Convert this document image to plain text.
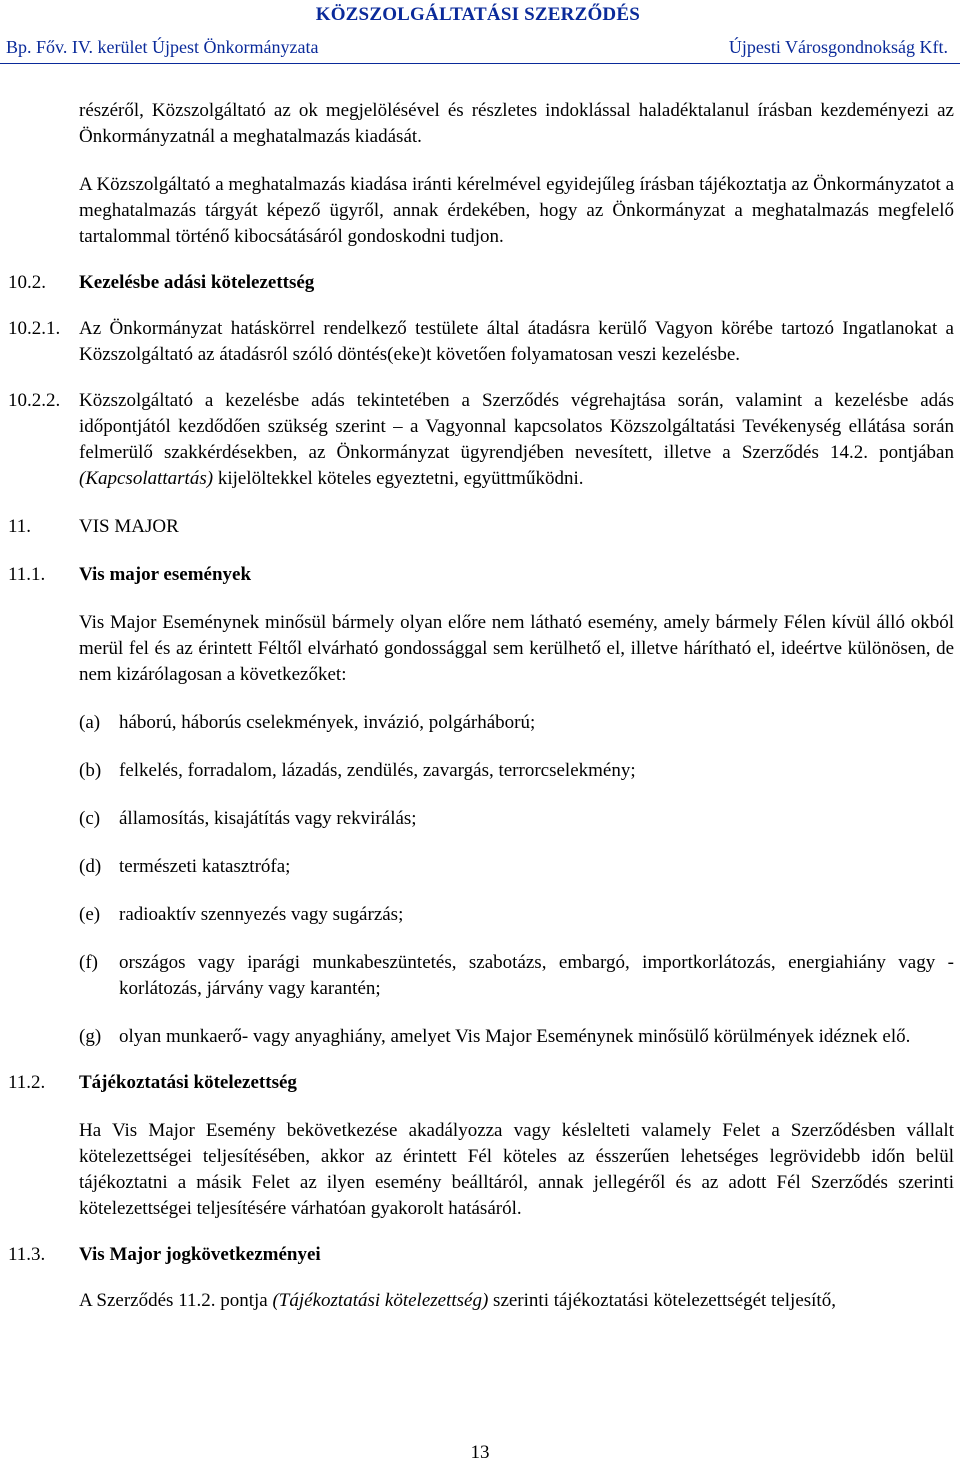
KÖZSZOLGÁLTATÁSI SZERZŐDÉS
Bp. Főv. IV. kerület Újpest Önkormányzata	Újpesti Városgondnokság Kft.

részéről, Közszolgáltató az ok megjelölésével és részletes indoklással haladéktalanul írásban kezdeményezi az Önkormányzatnál a meghatalmazás kiadását.

A Közszolgáltató a meghatalmazás kiadása iránti kérelmével egyidejűleg írásban tájékoztatja az Önkormányzatot a meghatalmazás tárgyát képező ügyről, annak érdekében, hogy az Önkormányzat a meghatalmazás megfelelő tartalommal történő kibocsátásáról gondoskodni tudjon.

10.2. Kezelésbe adási kötelezettség
10.2.1. Az Önkormányzat hatáskörrel rendelkező testülete által átadásra kerülő Vagyon körébe tartozó Ingatlanokat a Közszolgáltató az átadásról szóló döntés(eke)t követően folyamatosan veszi kezelésbe.

10.2.2. Közszolgáltató a kezelésbe adás tekintetében a Szerződés végrehajtása során, valamint a kezelésbe adás időpontjától kezdődően szükség szerint – a Vagyonnal kapcsolatos Közszolgáltatási Tevékenység ellátása során felmerülő szakkérdésekben, az Önkormányzat ügyrendjében nevesített, illetve a Szerződés 14.2. pontjában (Kapcsolattartás) kijelöltekkel köteles egyeztetni, együttműködni.

11.	VIS MAJOR
11.1. Vis major események

Vis Major Eseménynek minősül bármely olyan előre nem látható esemény, amely bármely Félen kívül álló okból merül fel és az érintett Féltől elvárható gondossággal sem kerülhető el, illetve hárítható el, ideértve különösen, de nem kizárólagosan a következőket:

(a) háború, háborús cselekmények, invázió, polgárháború;
(b) felkelés, forradalom, lázadás, zendülés, zavargás, terrorcselekmény;
(c) államosítás, kisajátítás vagy rekvirálás;
(d) természeti katasztrófa;
(e) radioaktív szennyezés vagy sugárzás;
(f) országos vagy iparági munkabeszüntetés, szabotázs, embargó, importkorlátozás, energiahiány vagy -korlátozás, járvány vagy karantén;
(g) olyan munkaerő- vagy anyaghiány, amelyet Vis Major Eseménynek minősülő körülmények idéznek elő.
11.2. Tájékoztatási kötelezettség

Ha Vis Major Esemény bekövetkezése akadályozza vagy késlelteti valamely Felet a Szerződésben vállalt kötelezettségei teljesítésében, akkor az érintett Fél köteles az ésszerűen lehetséges legrövidebb időn belül tájékoztatni a másik Felet az ilyen esemény beálltáról, annak jellegéről és az adott Fél Szerződés szerinti kötelezettségei teljesítésére várhatóan gyakorolt hatásáról.

11.3. Vis Major jogkövetkezményei

A Szerződés 11.2. pontja (Tájékoztatási kötelezettség) szerinti tájékoztatási kötelezettségét teljesítő,

13
